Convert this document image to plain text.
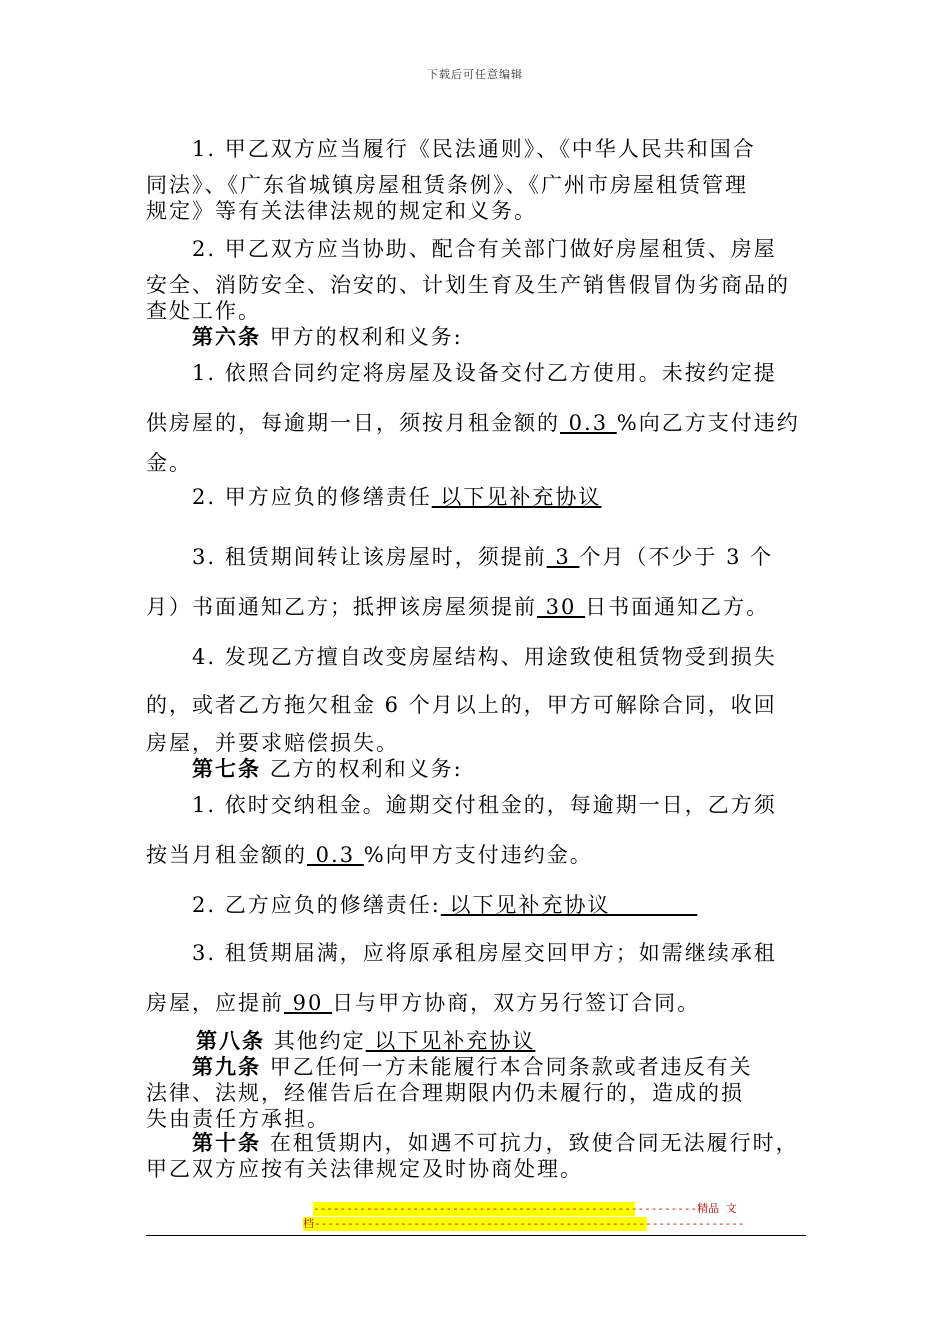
下载后可任意编辑
1. 甲乙双方应当履行《民法通则》、《中华人民共和国合
同法》、《广东省城镇房屋租赁条例》、《广州市房屋租赁管理
规定》等有关法律法规的规定和义务。
2. 甲乙双方应当协助、配合有关部门做好房屋租赁、房屋
安全、消防安全、治安的、计划生育及生产销售假冒伪劣商品的
查处工作。
第六条 甲方的权利和义务:
1. 依照合同约定将房屋及设备交付乙方使用。未按约定提
供房屋的，每逾期一日，须按月租金额的 0.3 %向乙方支付违约
金。
2. 甲方应负的修缮责任 以下见补充协议
3. 租赁期间转让该房屋时，须提前 3 个月（不少于 3 个
月）书面通知乙方；抵押该房屋须提前 30 日书面通知乙方。
4. 发现乙方擅自改变房屋结构、用途致使租赁物受到损失
的，或者乙方拖欠租金 6 个月以上的，甲方可解除合同，收回
房屋，并要求赔偿损失。
第七条 乙方的权利和义务:
1. 依时交纳租金。逾期交付租金的，每逾期一日，乙方须
按当月租金额的 0.3 %向甲方支付违约金。
2. 乙方应负的修缮责任: 以下见补充协议
3. 租赁期届满，应将原承租房屋交回甲方；如需继续承租
房屋，应提前 90 日与甲方协商，双方另行签订合同。
第八条 其他约定 以下见补充协议
第九条 甲乙任何一方未能履行本合同条款或者违反有关
法律、法规，经催告后在合理期限内仍未履行的，造成的损
失由责任方承担。
第十条 在租赁期内，如遇不可抗力，致使合同无法履行时，
甲乙双方应按有关法律规定及时协商处理。
----------------------------------------------------------精品 文
档-----------------------------------------------------------------
